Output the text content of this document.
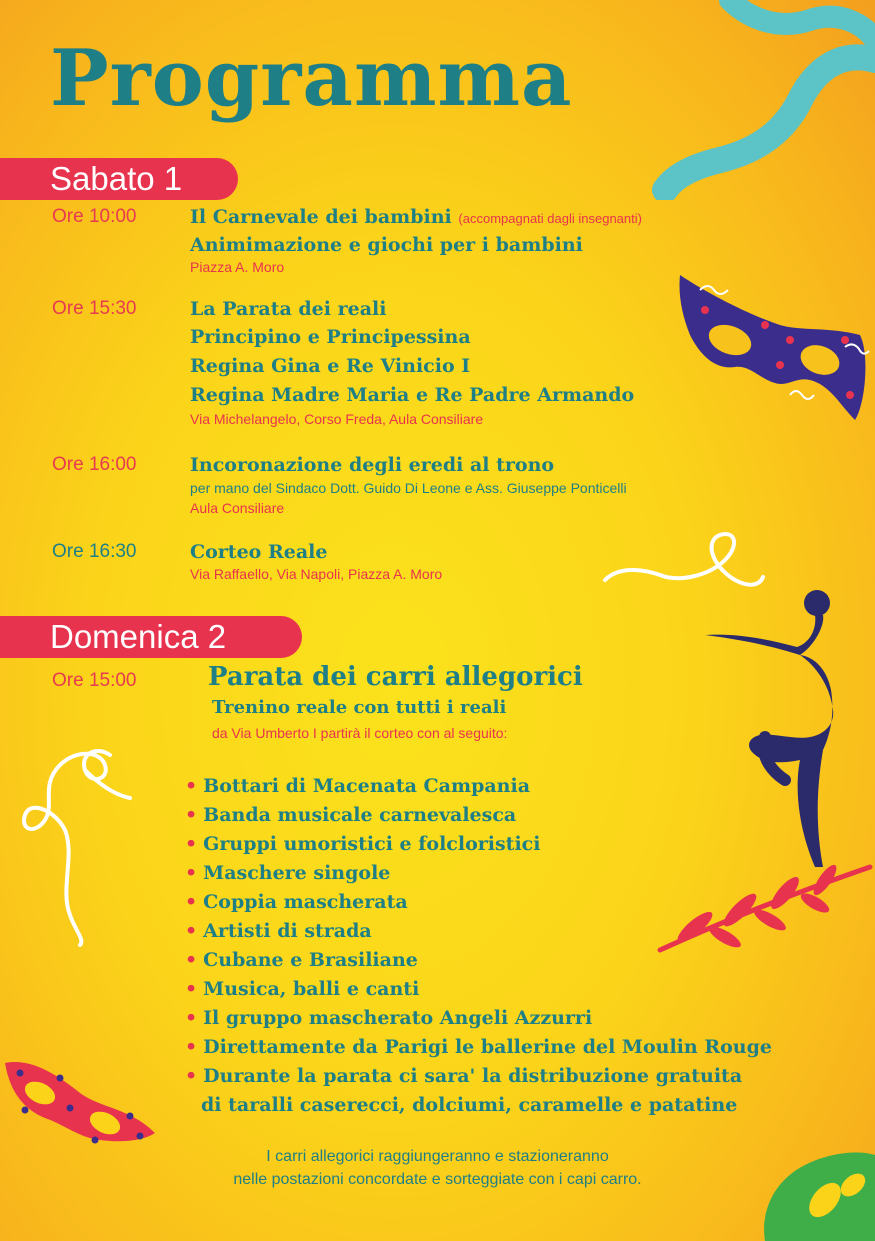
Programma
Sabato 1
Ore 10:00	Il Carnevale dei bambini (accompagnati dagli insegnanti)
Animimazione e giochi per i bambini
Piazza A. Moro
Ore 15:30	La Parata dei reali
Principino e Principessina
Regina Gina e Re Vinicio I
Regina Madre Maria e Re Padre Armando
Via Michelangelo, Corso Freda, Aula Consiliare
Ore 16:00	Incoronazione degli eredi al trono
per mano del Sindaco Dott. Guido Di Leone e Ass. Giuseppe Ponticelli
Aula Consiliare
Ore 16:30	Corteo Reale
Via Raffaello, Via Napoli, Piazza A. Moro
Domenica 2
Ore 15:00	Parata dei carri allegorici
Trenino reale con tutti i reali
da Via Umberto I partirà il corteo con al seguito:
• Bottari di Macenata Campania
• Banda musicale carnevalesca
• Gruppi umoristici e folcloristici
• Maschere singole
• Coppia mascherata
• Artisti di strada
• Cubane e Brasiliane
• Musica, balli e canti
• Il gruppo mascherato Angeli Azzurri
• Direttamente da Parigi le ballerine del Moulin Rouge
• Durante la parata ci sara' la distribuzione gratuita
di taralli casereccі, dolciumi, caramelle e patatine
I carri allegorici raggiungeranno e stazioneranno
nelle postazioni concordate e sorteggiate con i capi carro.
